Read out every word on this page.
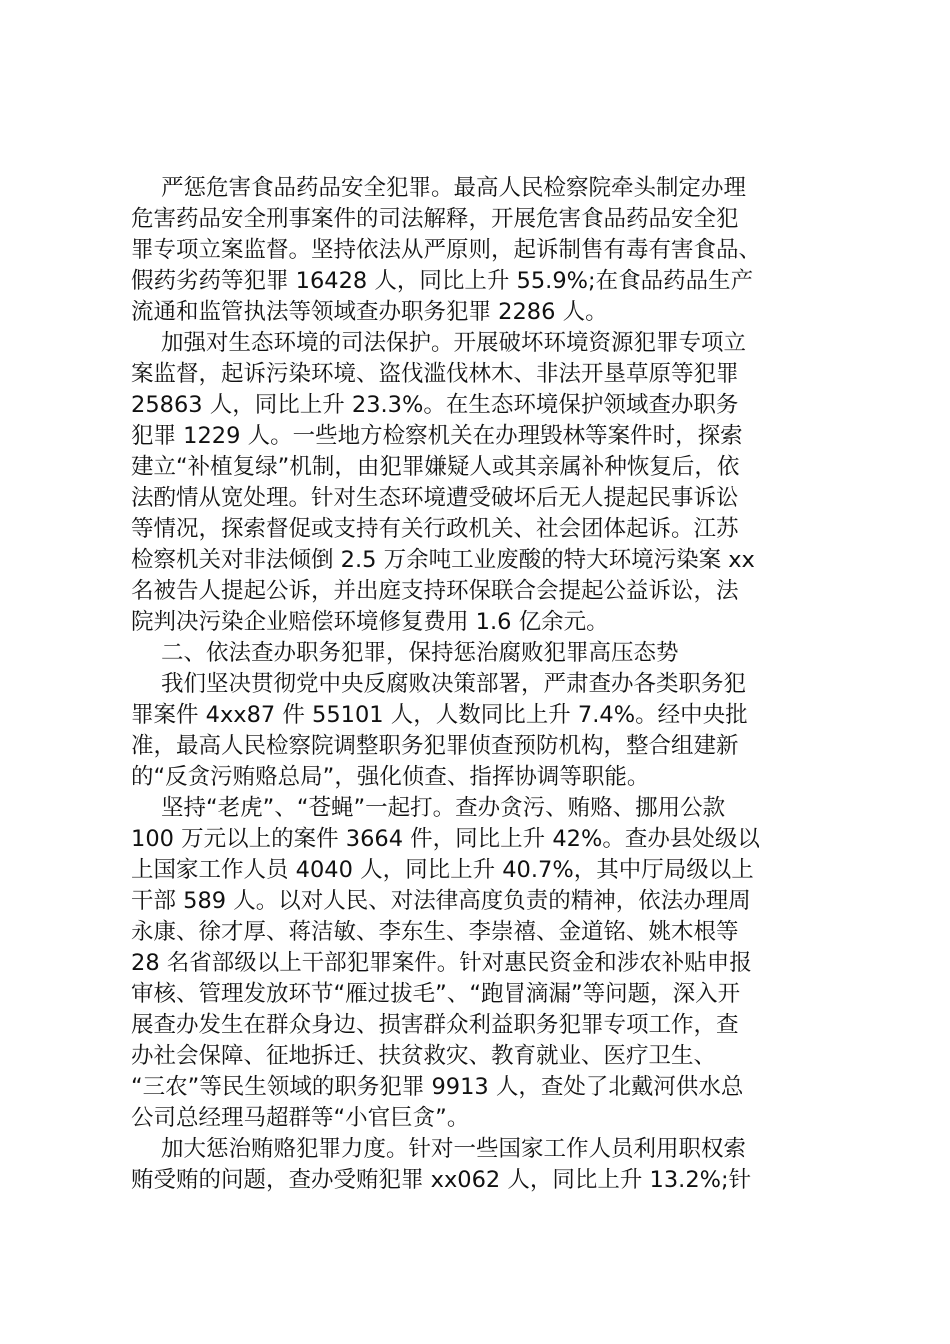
严惩危害食品药品安全犯罪。最高人民检察院牵头制定办理
危害药品安全刑事案件的司法解释，开展危害食品药品安全犯
罪专项立案监督。坚持依法从严原则，起诉制售有毒有害食品、
假药劣药等犯罪 16428 人，同比上升 55.9%;在食品药品生产
流通和监管执法等领域查办职务犯罪 2286 人。
加强对生态环境的司法保护。开展破坏环境资源犯罪专项立
案监督，起诉污染环境、盗伐滥伐林木、非法开垦草原等犯罪
25863 人，同比上升 23.3%。在生态环境保护领域查办职务
犯罪 1229 人。一些地方检察机关在办理毁林等案件时，探索
建立“补植复绿”机制，由犯罪嫌疑人或其亲属补种恢复后，依
法酌情从宽处理。针对生态环境遭受破坏后无人提起民事诉讼
等情况，探索督促或支持有关行政机关、社会团体起诉。江苏
检察机关对非法倾倒 2.5 万余吨工业废酸的特大环境污染案 xx
名被告人提起公诉，并出庭支持环保联合会提起公益诉讼，法
院判决污染企业赔偿环境修复费用 1.6 亿余元。
二、依法查办职务犯罪，保持惩治腐败犯罪高压态势
我们坚决贯彻党中央反腐败决策部署，严肃查办各类职务犯
罪案件 4xx87 件 55101 人，人数同比上升 7.4%。经中央批
准，最高人民检察院调整职务犯罪侦查预防机构，整合组建新
的“反贪污贿赂总局”，强化侦查、指挥协调等职能。
坚持“老虎”、“苍蝇”一起打。查办贪污、贿赂、挪用公款
100 万元以上的案件 3664 件，同比上升 42%。查办县处级以
上国家工作人员 4040 人，同比上升 40.7%，其中厅局级以上
干部 589 人。以对人民、对法律高度负责的精神，依法办理周
永康、徐才厚、蒋洁敏、李东生、李崇禧、金道铭、姚木根等
28 名省部级以上干部犯罪案件。针对惠民资金和涉农补贴申报
审核、管理发放环节“雁过拔毛”、“跑冒滴漏”等问题，深入开
展查办发生在群众身边、损害群众利益职务犯罪专项工作，查
办社会保障、征地拆迁、扶贫救灾、教育就业、医疗卫生、
“三农”等民生领域的职务犯罪 9913 人，查处了北戴河供水总
公司总经理马超群等“小官巨贪”。
加大惩治贿赂犯罪力度。针对一些国家工作人员利用职权索
贿受贿的问题，查办受贿犯罪 xx062 人，同比上升 13.2%;针
